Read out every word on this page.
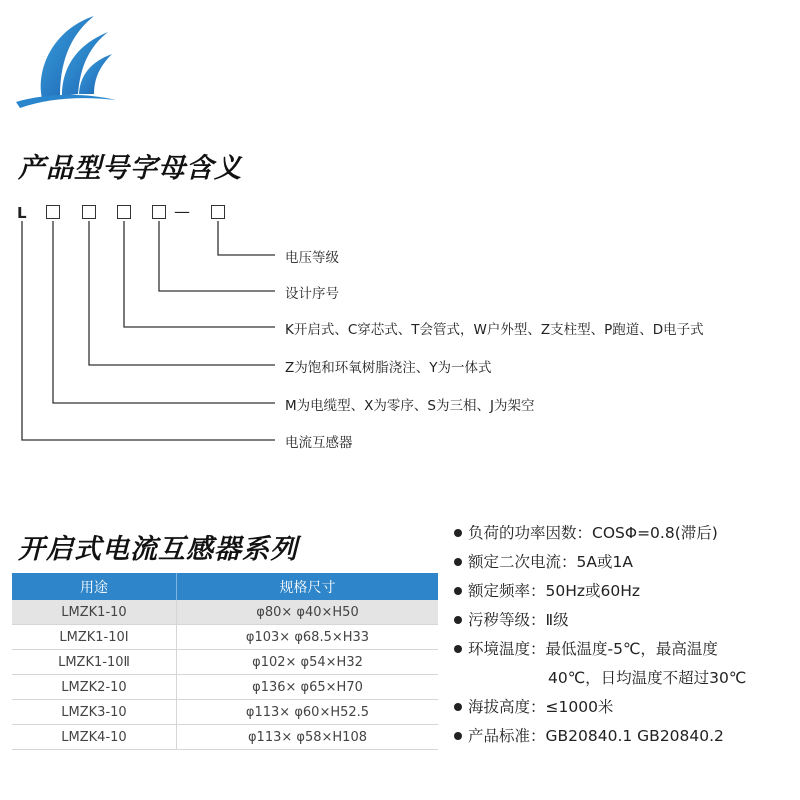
产品型号字母含义
L	—
电压等级
设计序号
K开启式、C穿芯式、T会管式，W户外型、Z支柱型、P跑道、D电子式
Z为饱和环氧树脂浇注、Y为一体式
M为电缆型、X为零序、S为三相、J为架空
电流互感器
开启式电流互感器系列
用途	规格尺寸
LMZK1-10	φ80× φ40×H50
LMZK1-10Ⅰ	φ103× φ68.5×H33
LMZK1-10Ⅱ	φ102× φ54×H32
LMZK2-10	φ136× φ65×H70
LMZK3-10	φ113× φ60×H52.5
LMZK4-10	φ113× φ58×H108
负荷的功率因数：COSΦ=0.8(滞后)
额定二次电流：5A或1A
额定频率：50Hz或60Hz
污秽等级：Ⅱ级
环境温度：最低温度-5℃，最高温度
40℃，日均温度不超过30℃
海拔高度：≤1000米
产品标准：GB20840.1 GB20840.2
